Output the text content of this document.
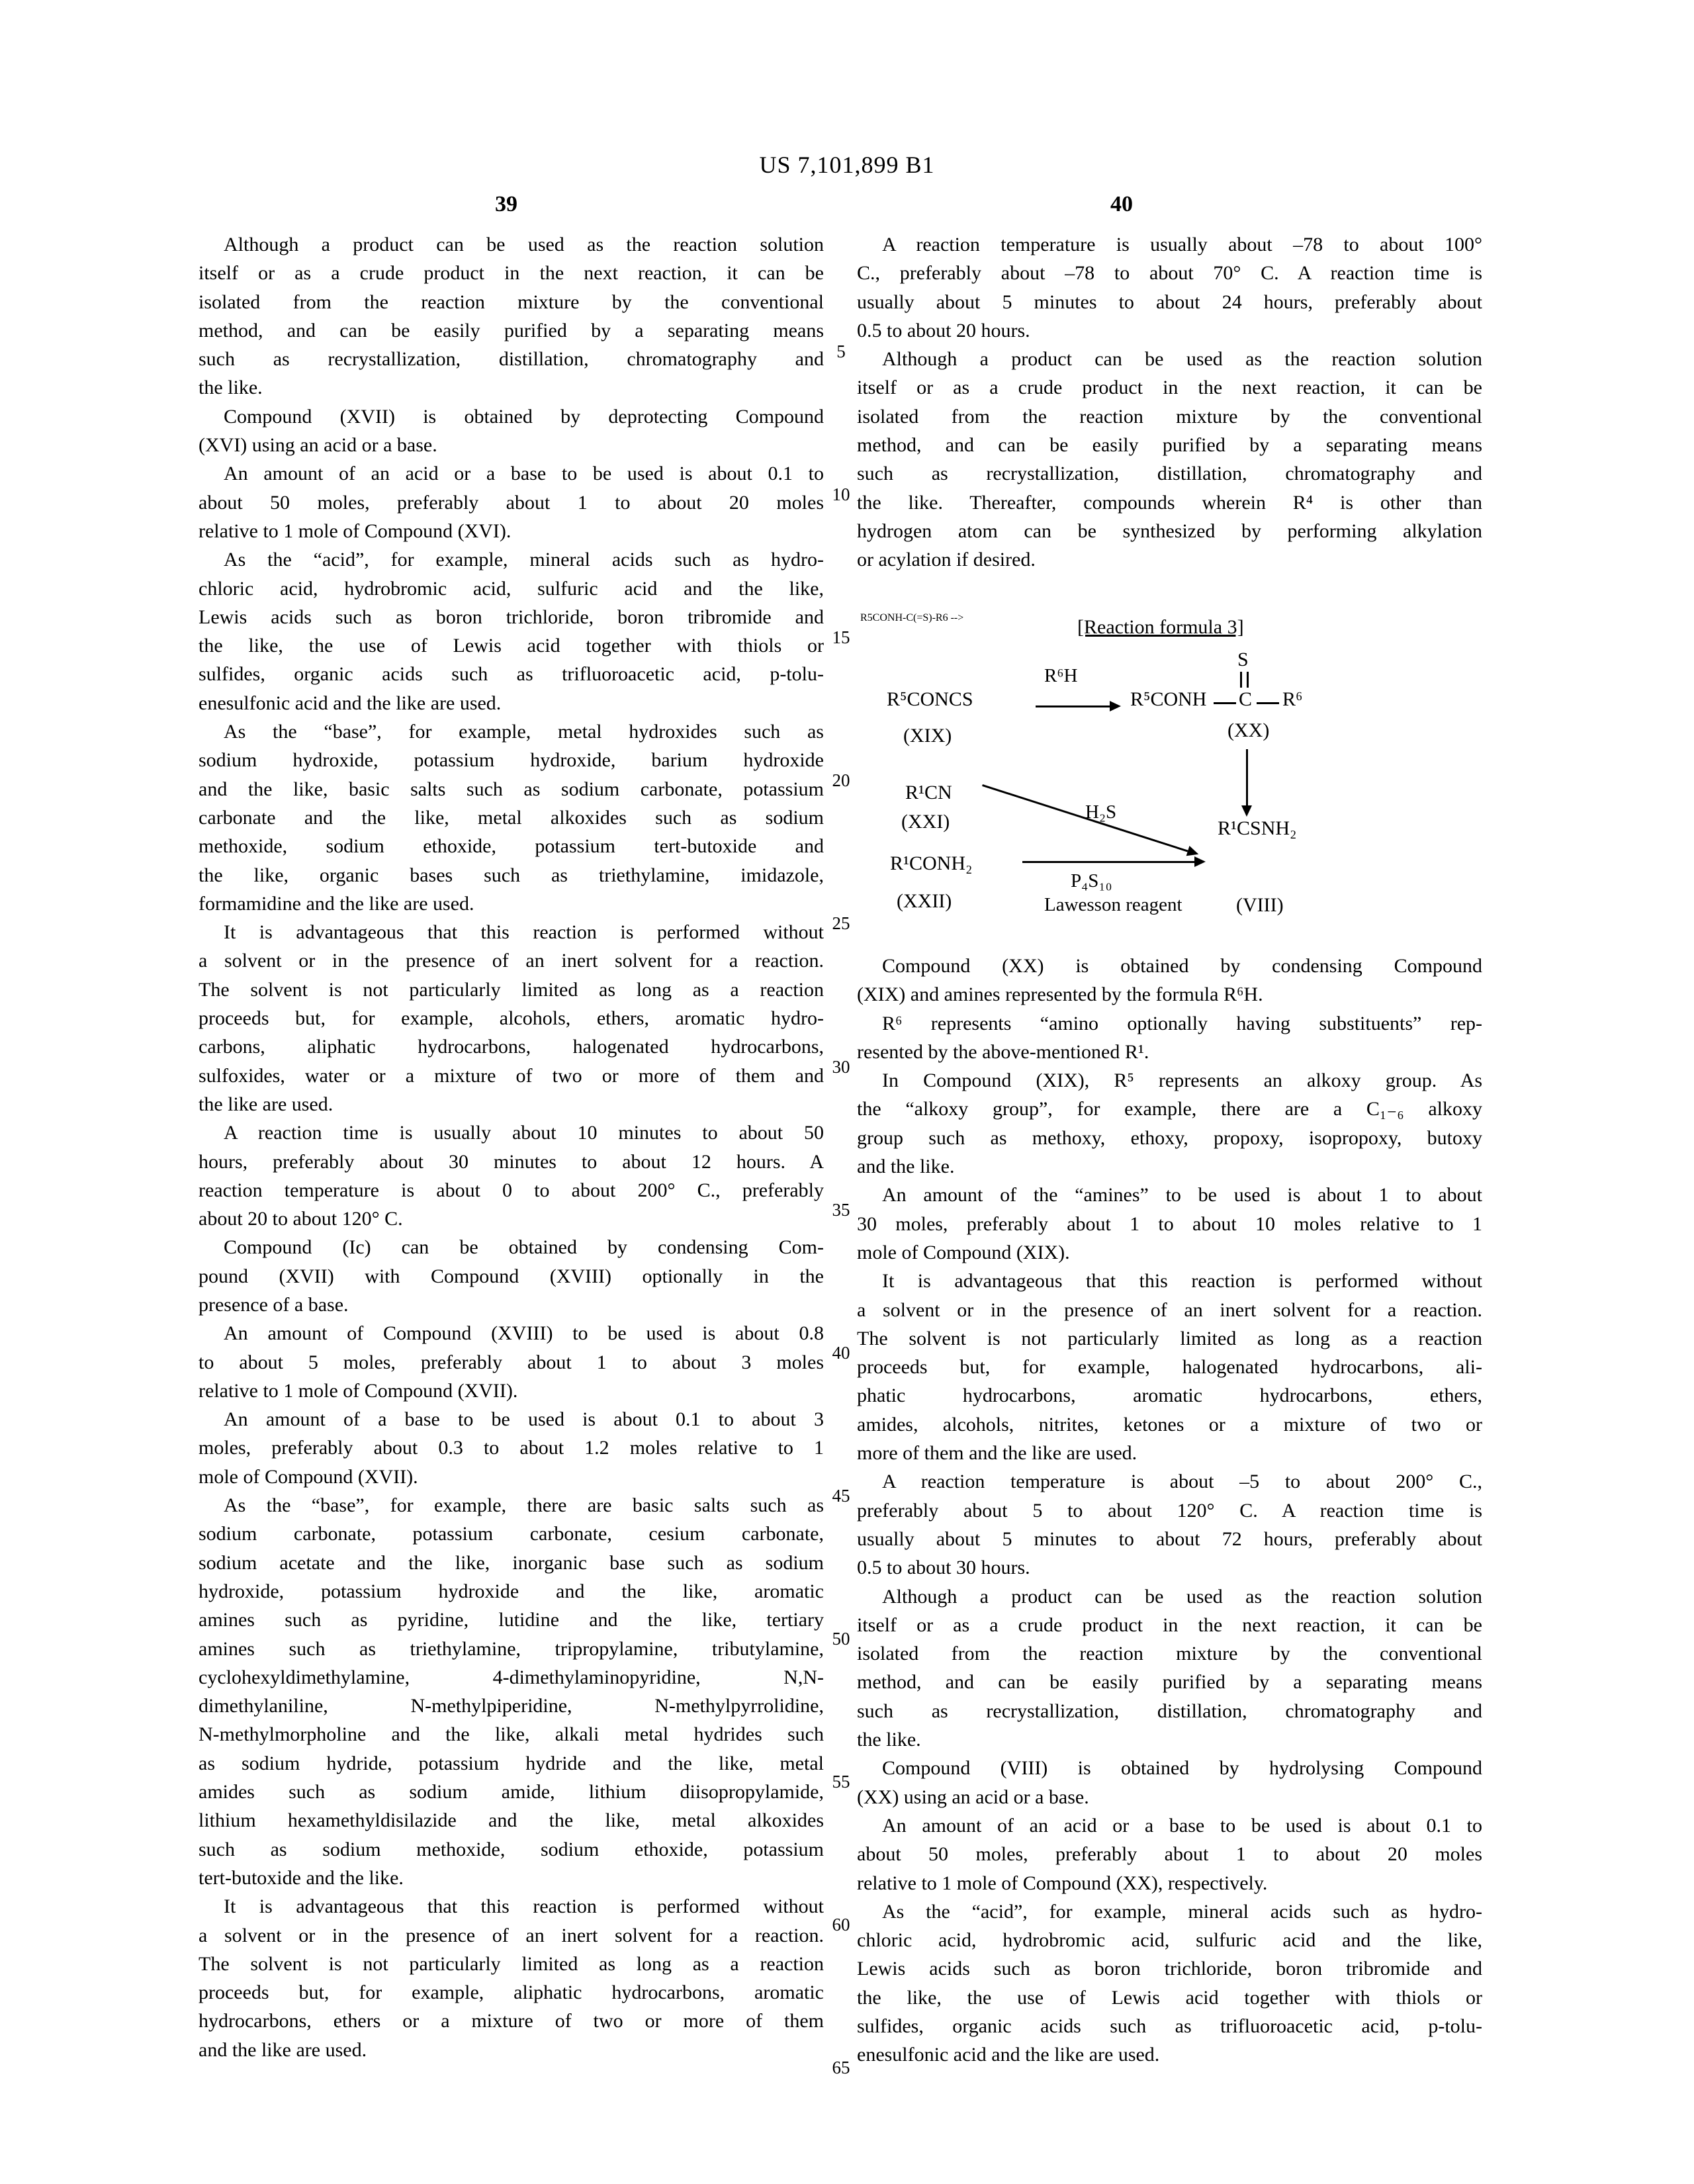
US 7,101,899 B1
39	40
5
10
15
20
25
30
35
40
45
50
55
60
65
Although a product can be used as the reaction solution
itself or as a crude product in the next reaction, it can be
isolated from the reaction mixture by the conventional
method, and can be easily purified by a separating means
such as recrystallization, distillation, chromatography and
the like.
Compound (XVII) is obtained by deprotecting Compound
(XVI) using an acid or a base.
An amount of an acid or a base to be used is about 0.1 to
about 50 moles, preferably about 1 to about 20 moles
relative to 1 mole of Compound (XVI).
As the “acid”, for example, mineral acids such as hydro-
chloric acid, hydrobromic acid, sulfuric acid and the like,
Lewis acids such as boron trichloride, boron tribromide and
the like, the use of Lewis acid together with thiols or
sulfides, organic acids such as trifluoroacetic acid, p-tolu-
enesulfonic acid and the like are used.
As the “base”, for example, metal hydroxides such as
sodium hydroxide, potassium hydroxide, barium hydroxide
and the like, basic salts such as sodium carbonate, potassium
carbonate and the like, metal alkoxides such as sodium
methoxide, sodium ethoxide, potassium tert-butoxide and
the like, organic bases such as triethylamine, imidazole,
formamidine and the like are used.
It is advantageous that this reaction is performed without
a solvent or in the presence of an inert solvent for a reaction.
The solvent is not particularly limited as long as a reaction
proceeds but, for example, alcohols, ethers, aromatic hydro-
carbons, aliphatic hydrocarbons, halogenated hydrocarbons,
sulfoxides, water or a mixture of two or more of them and
the like are used.
A reaction time is usually about 10 minutes to about 50
hours, preferably about 30 minutes to about 12 hours. A
reaction temperature is about 0 to about 200° C., preferably
about 20 to about 120° C.
Compound (Ic) can be obtained by condensing Com-
pound (XVII) with Compound (XVIII) optionally in the
presence of a base.
An amount of Compound (XVIII) to be used is about 0.8
to about 5 moles, preferably about 1 to about 3 moles
relative to 1 mole of Compound (XVII).
An amount of a base to be used is about 0.1 to about 3
moles, preferably about 0.3 to about 1.2 moles relative to 1
mole of Compound (XVII).
As the “base”, for example, there are basic salts such as
sodium carbonate, potassium carbonate, cesium carbonate,
sodium acetate and the like, inorganic base such as sodium
hydroxide, potassium hydroxide and the like, aromatic
amines such as pyridine, lutidine and the like, tertiary
amines such as triethylamine, tripropylamine, tributylamine,
cyclohexyldimethylamine, 4-dimethylaminopyridine, N,N-
dimethylaniline, N-methylpiperidine, N-methylpyrrolidine,
N-methylmorpholine and the like, alkali metal hydrides such
as sodium hydride, potassium hydride and the like, metal
amides such as sodium amide, lithium diisopropylamide,
lithium hexamethyldisilazide and the like, metal alkoxides
such as sodium methoxide, sodium ethoxide, potassium
tert-butoxide and the like.
It is advantageous that this reaction is performed without
a solvent or in the presence of an inert solvent for a reaction.
The solvent is not particularly limited as long as a reaction
proceeds but, for example, aliphatic hydrocarbons, aromatic
hydrocarbons, ethers or a mixture of two or more of them
and the like are used.
A reaction temperature is usually about –78 to about 100°
C., preferably about –78 to about 70° C. A reaction time is
usually about 5 minutes to about 24 hours, preferably about
0.5 to about 20 hours.
Although a product can be used as the reaction solution
itself or as a crude product in the next reaction, it can be
isolated from the reaction mixture by the conventional
method, and can be easily purified by a separating means
such as recrystallization, distillation, chromatography and
the like. Thereafter, compounds wherein R⁴ is other than
hydrogen atom can be synthesized by performing alkylation
or acylation if desired.
Compound (XX) is obtained by condensing Compound
(XIX) and amines represented by the formula R⁶H.
R⁶ represents “amino optionally having substituents” rep-
resented by the above-mentioned R¹.
In Compound (XIX), R⁵ represents an alkoxy group. As
the “alkoxy group”, for example, there are a C₁₋₆ alkoxy
group such as methoxy, ethoxy, propoxy, isopropoxy, butoxy
and the like.
An amount of the “amines” to be used is about 1 to about
30 moles, preferably about 1 to about 10 moles relative to 1
mole of Compound (XIX).
It is advantageous that this reaction is performed without
a solvent or in the presence of an inert solvent for a reaction.
The solvent is not particularly limited as long as a reaction
proceeds but, for example, halogenated hydrocarbons, ali-
phatic hydrocarbons, aromatic hydrocarbons, ethers,
amides, alcohols, nitrites, ketones or a mixture of two or
more of them and the like are used.
A reaction temperature is about –5 to about 200° C.,
preferably about 5 to about 120° C. A reaction time is
usually about 5 minutes to about 72 hours, preferably about
0.5 to about 30 hours.
Although a product can be used as the reaction solution
itself or as a crude product in the next reaction, it can be
isolated from the reaction mixture by the conventional
method, and can be easily purified by a separating means
such as recrystallization, distillation, chromatography and
the like.
Compound (VIII) is obtained by hydrolysing Compound
(XX) using an acid or a base.
An amount of an acid or a base to be used is about 0.1 to
about 50 moles, preferably about 1 to about 20 moles
relative to 1 mole of Compound (XX), respectively.
As the “acid”, for example, mineral acids such as hydro-
chloric acid, hydrobromic acid, sulfuric acid and the like,
Lewis acids such as boron trichloride, boron tribromide and
the like, the use of Lewis acid together with thiols or
sulfides, organic acids such as trifluoroacetic acid, p-tolu-
enesulfonic acid and the like are used.
[Reaction formula 3]
R5CONH-C(=S)-R6 -->
R⁵CONCS
R⁶H
R⁵CONH C R⁶
S
(XIX)	(XX)
R¹CN
(XXI)	H₂S
R¹CONH₂
(XXII)
P₄S₁₀
Lawesson reagent
R¹CSNH₂
(VIII)
